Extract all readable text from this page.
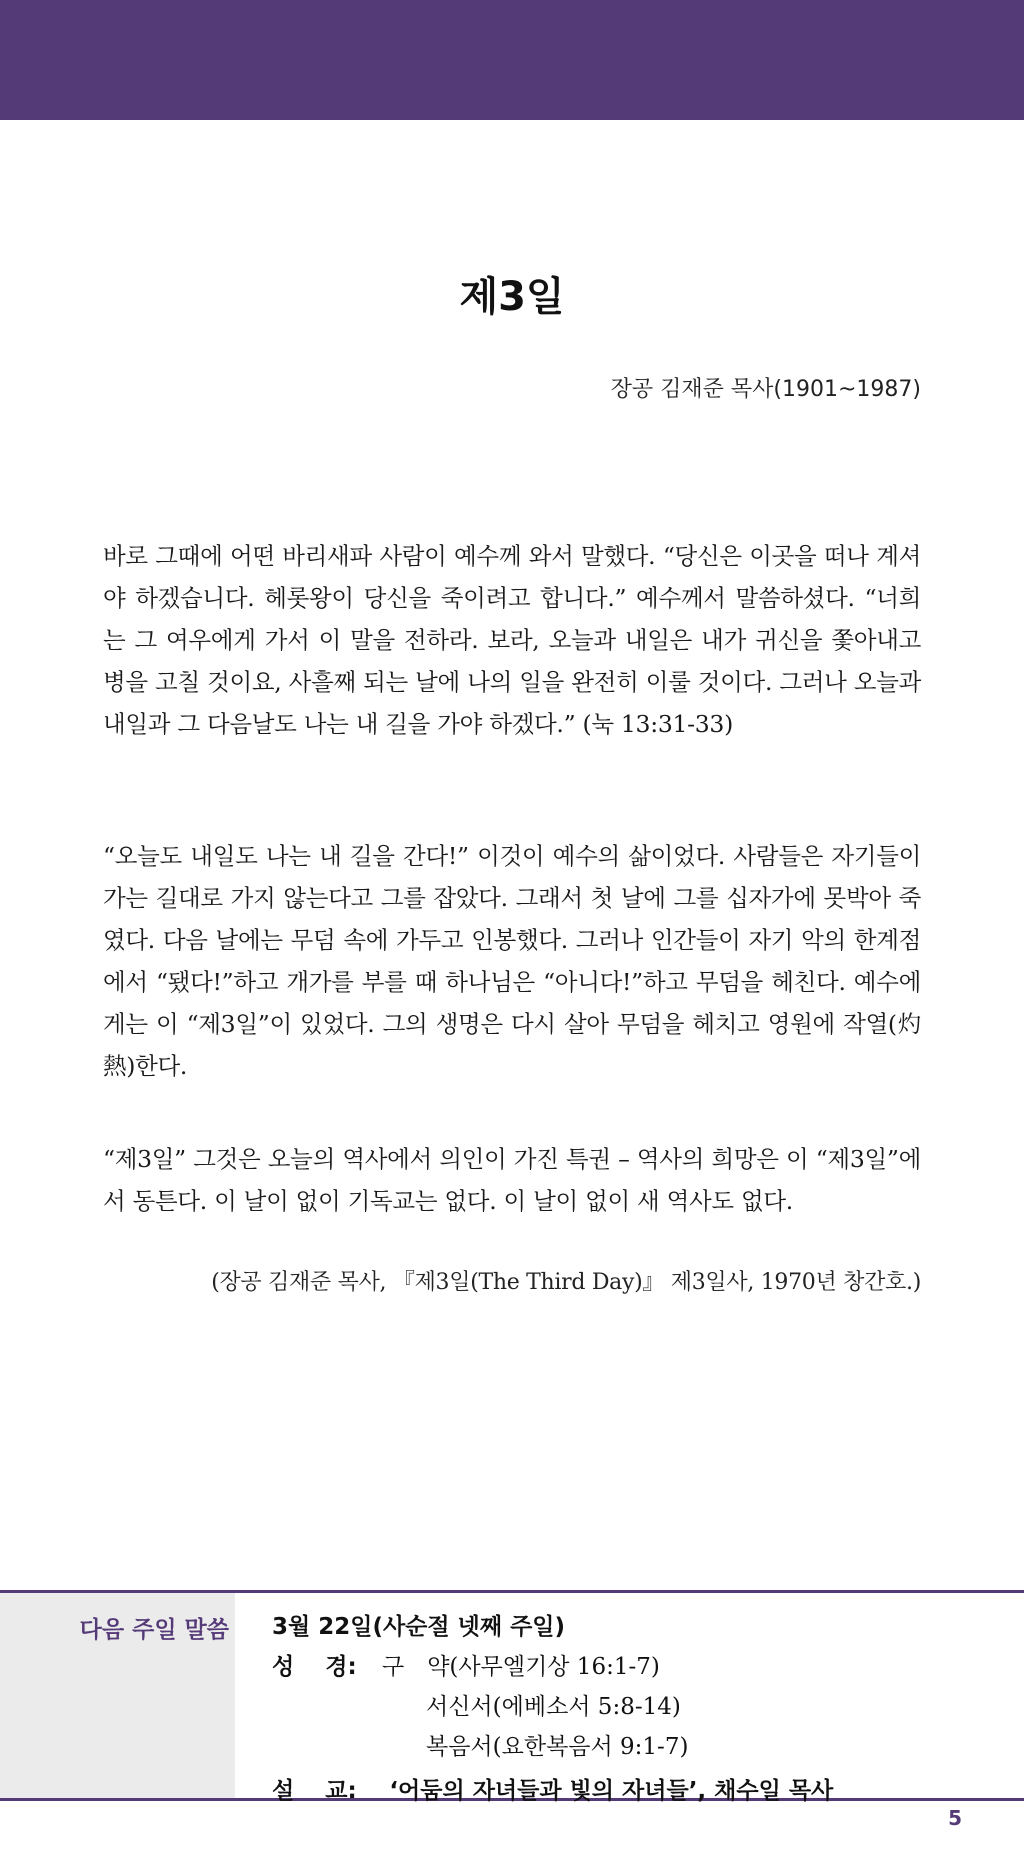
제3일
장공 김재준 목사(1901~1987)

바로 그때에 어떤 바리새파 사람이 예수께 와서 말했다. “당신은 이곳을 떠나 계셔야 하겠습니다. 헤롯왕이 당신을 죽이려고 합니다.” 예수께서 말씀하셨다. “너희는 그 여우에게 가서 이 말을 전하라. 보라, 오늘과 내일은 내가 귀신을 쫓아내고 병을 고칠 것이요, 사흘째 되는 날에 나의 일을 완전히 이룰 것이다. 그러나 오늘과 내일과 그 다음날도 나는 내 길을 가야 하겠다.” (눅 13:31-33)

“오늘도 내일도 나는 내 길을 간다!” 이것이 예수의 삶이었다. 사람들은 자기들이 가는 길대로 가지 않는다고 그를 잡았다. 그래서 첫 날에 그를 십자가에 못박아 죽였다. 다음 날에는 무덤 속에 가두고 인봉했다. 그러나 인간들이 자기 악의 한계점에서 “됐다!”하고 개가를 부를 때 하나님은 “아니다!”하고 무덤을 헤친다. 예수에게는 이 “제3일”이 있었다. 그의 생명은 다시 살아 무덤을 헤치고 영원에 작열(灼熱)한다.

“제3일” 그것은 오늘의 역사에서 의인이 가진 특권 – 역사의 희망은 이 “제3일”에서 동튼다. 이 날이 없이 기독교는 없다. 이 날이 없이 새 역사도 없다.

(장공 김재준 목사, 『제3일(The Third Day)』 제3일사, 1970년 창간호.)
다음 주일 말씀 3월 22일(사순절 넷째 주일)
성　 경:	구　약(사무엘기상 16:1-7)
서신서(에베소서 5:8-14)
복음서(요한복음서 9:1-7)
설　 교: ‘어둠의 자녀들과 빛의 자녀들’, 채수일 목사
5
